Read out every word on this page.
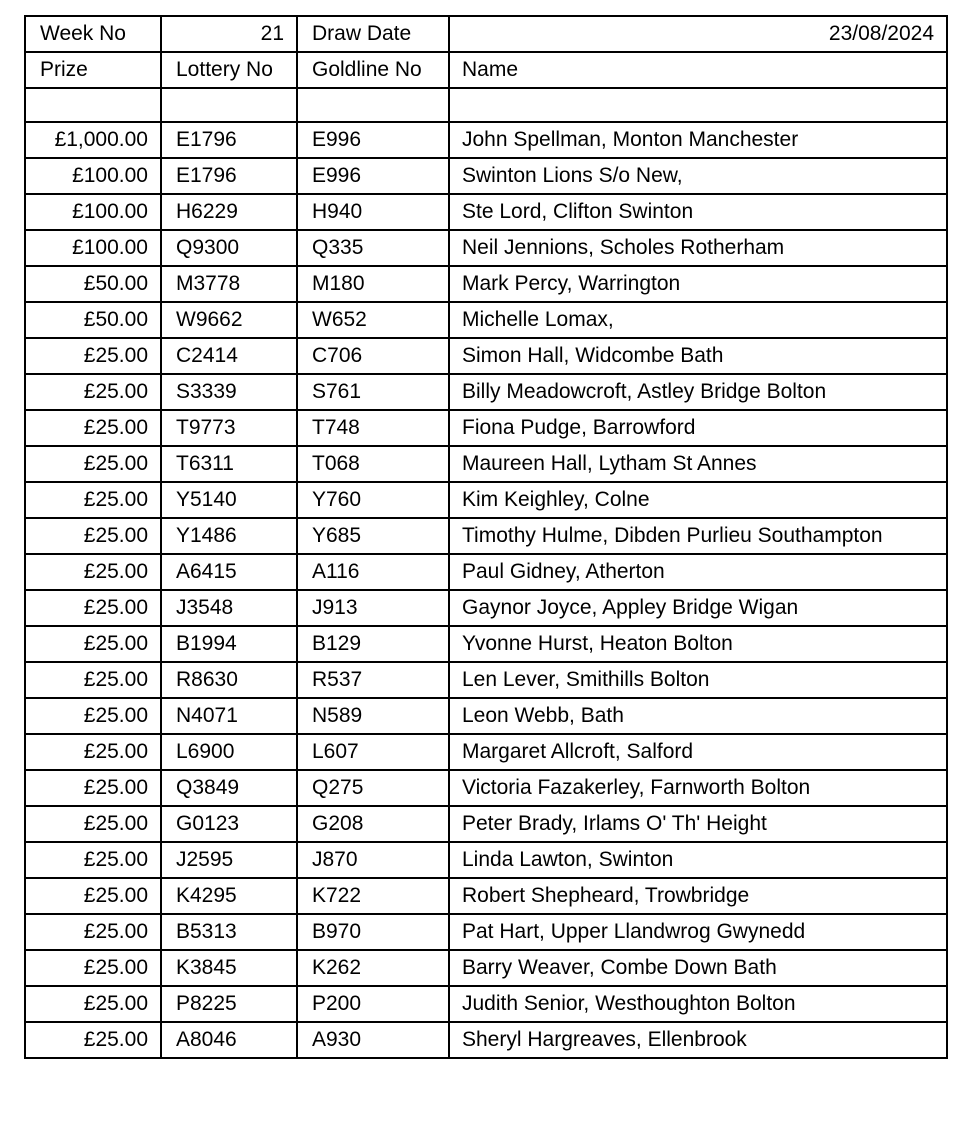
Week No	21	Draw Date	23/08/2024
Prize	Lottery No	Goldline No	Name

£1,000.00	E1796	E996	John Spellman, Monton Manchester
£100.00	E1796	E996	Swinton Lions S/o New,
£100.00	H6229	H940	Ste Lord, Clifton Swinton
£100.00	Q9300	Q335	Neil Jennions, Scholes Rotherham
£50.00	M3778	M180	Mark Percy, Warrington
£50.00	W9662	W652	Michelle Lomax,
£25.00	C2414	C706	Simon Hall, Widcombe Bath
£25.00	S3339	S761	Billy Meadowcroft, Astley Bridge Bolton
£25.00	T9773	T748	Fiona Pudge, Barrowford
£25.00	T6311	T068	Maureen Hall, Lytham St Annes
£25.00	Y5140	Y760	Kim Keighley, Colne
£25.00	Y1486	Y685	Timothy Hulme, Dibden Purlieu Southampton
£25.00	A6415	A116	Paul Gidney, Atherton
£25.00	J3548	J913	Gaynor Joyce, Appley Bridge Wigan
£25.00	B1994	B129	Yvonne Hurst, Heaton Bolton
£25.00	R8630	R537	Len Lever, Smithills Bolton
£25.00	N4071	N589	Leon Webb, Bath
£25.00	L6900	L607	Margaret Allcroft, Salford
£25.00	Q3849	Q275	Victoria Fazakerley, Farnworth Bolton
£25.00	G0123	G208	Peter Brady, Irlams O' Th' Height
£25.00	J2595	J870	Linda Lawton, Swinton
£25.00	K4295	K722	Robert Shepheard, Trowbridge
£25.00	B5313	B970	Pat Hart, Upper Llandwrog Gwynedd
£25.00	K3845	K262	Barry Weaver, Combe Down Bath
£25.00	P8225	P200	Judith Senior, Westhoughton Bolton
£25.00	A8046	A930	Sheryl Hargreaves, Ellenbrook
